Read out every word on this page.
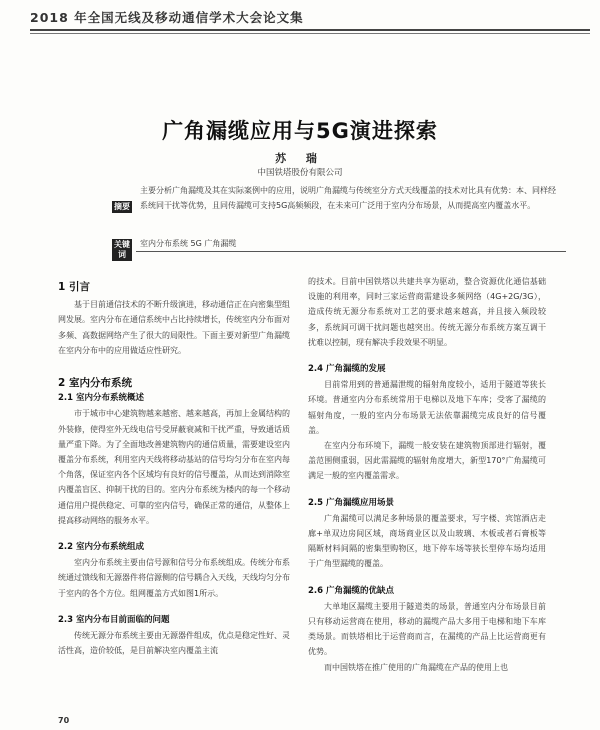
2018 年全国无线及移动通信学术大会论文集
广角漏缆应用与5G演进探索
苏 瑞
中国铁塔股份有限公司
摘要
主要分析广角漏缆及其在实际案例中的应用，说明广角漏缆与传统室分方式天线覆盖的技术对比具有优势：本、同样经系统同干扰等优势，且同传漏缆可支持5G高频频段，在未来可广泛用于室内分布场景，从而提高室内覆盖水平。
关键词
室内分布系统 5G 广角漏缆
1 引言

基于目前通信技术的不断升级演进，移动通信正在向密集型组网发展。室内分布在通信系统中占比持续增长，传统室内分布面对多频、高数据网络产生了很大的局限性。下面主要对新型广角漏缆在室内分布中的应用做适应性研究。

2 室内分布系统
2.1 室内分布系统概述

市于城市中心建筑物越来越密、越来越高，再加上金属结构的外装修，使得室外无线电信号受屏蔽衰减和干扰严重，导致通话质量严重下降。为了全面地改善建筑物内的通信质量，需要建设室内覆盖分布系统，利用室内天线将移动基站的信号均匀分布在室内每个角落，保证室内各个区域均有良好的信号覆盖，从而达到消除室内覆盖盲区、抑制干扰的目的。室内分布系统为楼内的每一个移动通信用户提供稳定、可靠的室内信号，确保正常的通信，从整体上提高移动网络的服务水平。

2.2 室内分布系统组成

室内分布系统主要由信号源和信号分布系统组成。传统分布系统通过馈线和无源器件将信源侧的信号耦合入天线，天线均匀分布于室内的各个方位。组网覆盖方式如图1所示。

2.3 室内分布目前面临的问题

传统无源分布系统主要由无源器件组成，优点是稳定性好、灵活性高，造价较低，是目前解决室内覆盖主流

的技术。目前中国铁塔以共建共享为驱动，整合资源优化通信基础设施的利用率，同时三家运营商需建设多频网络（4G+2G/3G），造成传统无源分布系统对工艺的要求越来越高，并且接入频段较多，系统间可调干扰问题也越突出。传统无源分布系统方案互调干扰难以控制，现有解决手段效果不明显。

2.4 广角漏缆的发展

目前常用到的普通漏泄缆的辐射角度较小，适用于隧道等狭长环境。普通室内分布系统常用于电梯以及地下车库；受客了漏缆的辐射角度，一般的室内分布场景无法依靠漏缆完成良好的信号覆盖。

在室内分布环境下，漏缆一般安装在建筑物顶部进行辐射，覆盖范围侧重弱，因此需漏缆的辐射角度增大，新型170°广角漏缆可满足一般的室内覆盖需求。

2.5 广角漏缆应用场景

广角漏缆可以满足多种场景的覆盖要求，写字楼、宾馆酒店走廊+单双边房间区域，商场商业区以及山玻璃、木板或者石膏板等隔断材料间隔的密集型购物区，地下停车场等狭长型停车场均适用于广角型漏缆的覆盖。

2.6 广角漏缆的优缺点

大单地区漏缆主要用于隧道类的场景，普通室内分布场景目前只有移动运营商在使用，移动的漏缆产品大多用于电梯和地下车库类场景。而铁塔相比于运营商而言，在漏缆的产品上比运营商更有优势。

而中国铁塔在推广使用的广角漏缆在产品的使用上也

70
